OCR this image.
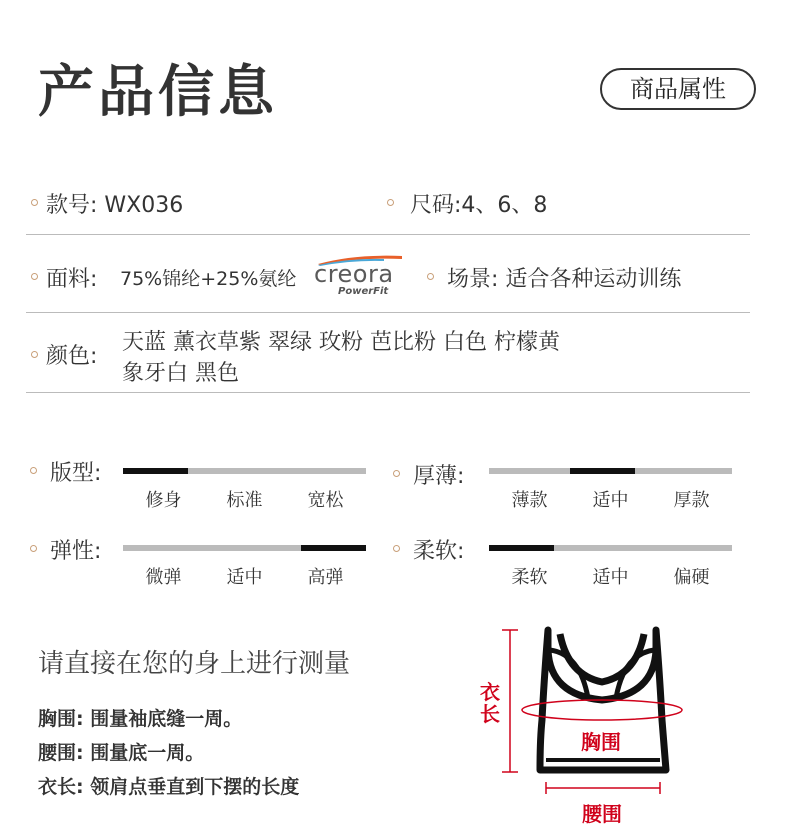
产品信息	商品属性
款号: WX036	尺码:4、6、8
面料: 75%锦纶+25%氨纶 creora
PowerFit	场景: 适合各种运动训练
颜色:
天蓝 薰衣草紫 翠绿 玫粉 芭比粉 白色 柠檬黄
象牙白 黑色
版型:
修身	标准	宽松
厚薄:
薄款	适中	厚款
弹性:
微弹	适中	高弹
柔软:
柔软	适中	偏硬
请直接在您的身上进行测量
胸围: 围量袖底缝一周。
腰围: 围量底一周。
衣长: 领肩点垂直到下摆的长度
衣
长
胸围
腰围
